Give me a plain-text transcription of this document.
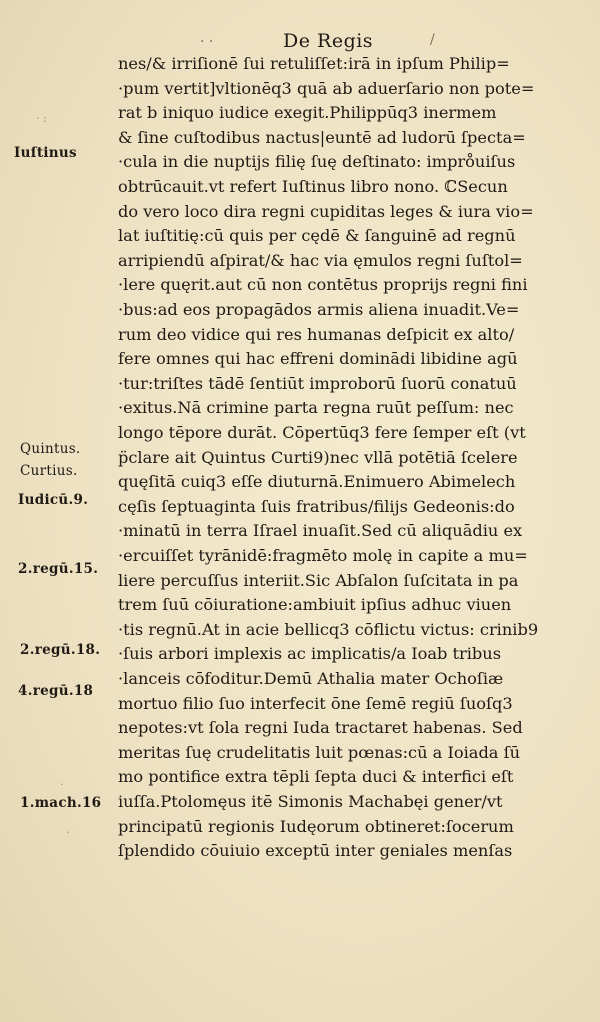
· ·	De Regis	/
nes/& irriſionē ſui retuliſſet:irā in ipſum Philip=
·pum vertit]vltionēq3 quā ab aduerſario non pote=
rat b iniquo iudice exegit.Philippūq3 inermem
& ſine cuſtodibus nactus|euntē ad ludorū ſpecta=
·cula in die nuptijs filię ſuę deſtinato: impro̊uiſus
obtrūcauit.vt refert Iuſtinus libro nono. ℂSecun
do vero loco dira regni cupiditas leges & iura vio=
lat iuſtitię:cū quis per cędē & ſanguinē ad regnū
arripiendū aſpirat/& hac via ęmulos regni ſuſtol=
·lere quęrit.aut cū non contētus proprijs regni fini
·bus:ad eos propagādos armis aliena inuadit.Ve=
rum deo vidice qui res humanas deſpicit ex alto/
fere omnes qui hac effreni dominādi libidine agū
·tur:triſtes tādē ſentiūt improborū ſuorū conatuū
·exitus.Nā crimine parta regna ruūt peſſum: nec
longo tēpore durāt. Cōpertūq3 fere ſemper eſt (vt
p̈clare ait Quintus Curti9)nec vllā potētiā ſcelere
quęſitā cuiq3 eſſe diuturnā.Enimuero Abimelech
cęſis ſeptuaginta ſuis fratribus/filijs Gedeonis:do
·minatū in terra Iſrael inuaſit.Sed cū aliquādiu ex
·ercuiſſet tyrānidē:fragmēto molę in capite a mu=
liere percuſſus interiit.Sic Abſalon ſuſcitata in pa
trem ſuū cōiuratione:ambiuit ipſius adhuc viuen
·tis regnū.At in acie bellicq3 cōflictu victus: crinib9
·ſuis arbori implexis ac implicatis/a Ioab tribus
·lanceis cōfoditur.Demū Athalia mater Ochoſiæ
mortuo filio ſuo interfecit ōne ſemē regiū ſuoſq3
nepotes:vt ſola regni Iuda tractaret habenas. Sed
meritas ſuę crudelitatis luit pœnas:cū a Ioiada ſū
mo pontifice extra tēpli ſepta duci & interfici eſt
iuſſa.Ptolomęus itē Simonis Machabęi gener/vt
principatū regionis Iudęorum obtineret:ſocerum
ſplendido cōuiuio exceptū inter geniales menſas
Iuſtinus
Quintus.
Curtius.
Iudicū.9.
2.regū.15.
2.regū.18.
4.regū.18
1.mach.16
· :
·
·
